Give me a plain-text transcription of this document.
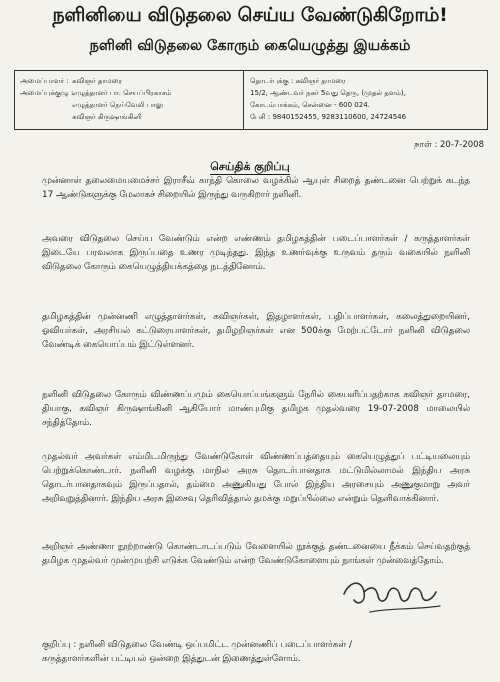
நளினியை விடுதலை செய்ய வேண்டுகிறோம்!
நளினி விடுதலை கோரும் கையெழுத்து இயக்கம்
அமைப்பாளர் : கவிஞர் தாமரை
அமைப்புக்குழு :
எழுத்தாளர் பா. செயப்பிரகாசம்
எழுத்தாளர் நெய்வேலி பாலு
கவிஞர் கிருஷாங்கினி
தொடர்புக்கு : கவிஞர் தாமரை
15/2, ஆண்டவர் நகர் 5வது தெரு, (முதல் தளம்),
கோடம்பாக்கம், சென்னை - 600 024.
பேசி : 9840152455, 9283110600, 24724546
நாள் : 20-7-2008
செய்திக் குறிப்பு

முன்னாள் தலைமையமைச்சர் இராசீவ் காந்தி கொலை வழக்கில் ஆயுள் சிறைத் தண்டனை பெற்றுக் கடந்த 17 ஆண்டுகளுக்கு மேலாகச் சிறையில் இருந்து வருகிறார் நளினி.

அவரை விடுதலை செய்ய வேண்டும் என்ற எண்ணம் தமிழகத்தின் படைப்பாளர்கள் / கருத்தாளர்கள் இடையே பரவலாக இருப்பதை உணர முடிந்தது. இந்த உணர்வுக்கு உருவம் தரும் வகையில் நளினி விடுதலை கோரும் கையெழுத்தியக்கத்தை நடத்தினோம்.

தமிழகத்தின் முன்னணி எழுத்தாளர்கள், கவிஞர்கள், இதழாளர்கள், பதிப்பாளர்கள், கலைத்துறையினர், ஓவியர்கள், அரசியல் கட்டுரையாளர்கள், தமிழறிஞர்கள் என 500க்கு மேற்பட்டோர் நளினி விடுதலை வேண்டிக் கையொப்பம் இட்டுள்ளனர்.

நளினி விடுதலை கோரும் விண்ணப்பமும் கையொப்பங்களும் நேரில் கையளிப்பதற்காக கவிஞர் தாமரை, தியாகு, கவிஞர் கிருஷாங்கினி ஆகியோர் மாண்புமிகு தமிழக முதல்வரை 19-07-2008 மாலையில் சந்தித்தோம்.

முதல்வர் அவர்கள் எம்மிடமிருந்து வேண்டுகோள் விண்ணப்பத்தையும் கையெழுத்துப் பட்டியலையும் பெற்றுக்கொண்டார். நளினி வழக்கு மாநில அரசு தொடர்பானதாக மட்டுமில்லாமல் இந்திய அரசு தொடர்பானதாகவும் இருப்பதால், தம்மை அணுகியது போல் இந்திய அரசையும் அணுகுமாறு அவர் அறிவுறுத்தினார். இந்திய அரசு இசைவு தெரிவித்தால் தமக்கு மறுப்பில்லை என்றும் தெளிவாக்கினார்.

அறிஞர் அண்ணா நூற்றாண்டு கொண்டாடப்படும் வேளையில் நூக்குத் தண்டனையை நீக்கம் செய்வதற்குத் தமிழக முதல்வர் முன்முயற்சி எடுக்க வேண்டும் என்ற வேண்டுகோளையும் நாங்கள் முன்வைத்தோம்.

குறிப்பு : நளினி விடுதலை வேண்டி ஒப்பமிட்ட முன்னணிப் படைப்பாளர்கள் /
கருத்தாளர்களின் பட்டியல் ஒன்றை இத்துடன் இணைத்துள்ளோம்.
